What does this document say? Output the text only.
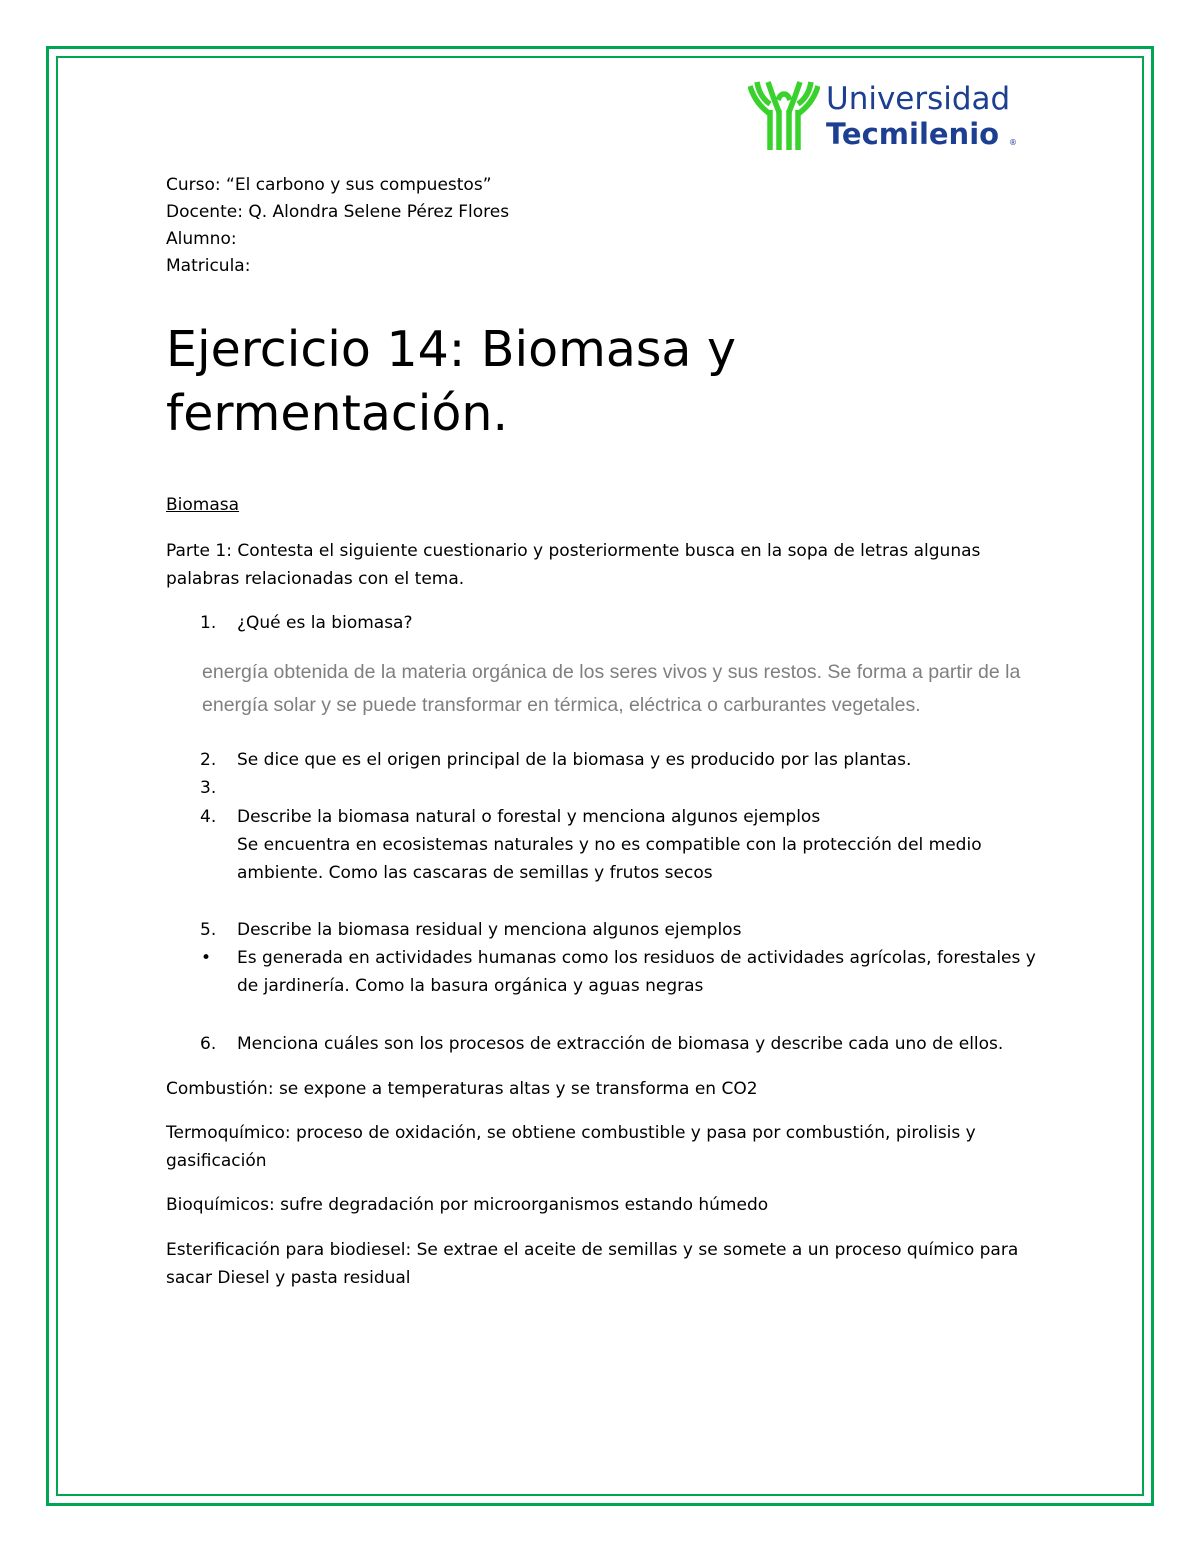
Universidad
Tecmilenio ®
Curso: “El carbono y sus compuestos”
Docente: Q. Alondra Selene Pérez Flores
Alumno:
Matricula:
Ejercicio 14: Biomasa y fermentación.
Biomasa
Parte 1: Contesta el siguiente cuestionario y posteriormente busca en la sopa de letras algunas palabras relacionadas con el tema.
1. ¿Qué es la biomasa?
energía obtenida de la materia orgánica de los seres vivos y sus restos. Se forma a partir de la energía solar y se puede transformar en térmica, eléctrica o carburantes vegetales.
2. Se dice que es el origen principal de la biomasa y es producido por las plantas.
3.
4. Describe la biomasa natural o forestal y menciona algunos ejemplos
Se encuentra en ecosistemas naturales y no es compatible con la protección del medio ambiente. Como las cascaras de semillas y frutos secos
5. Describe la biomasa residual y menciona algunos ejemplos
• Es generada en actividades humanas como los residuos de actividades agrícolas, forestales y de jardinería. Como la basura orgánica y aguas negras
6. Menciona cuáles son los procesos de extracción de biomasa y describe cada uno de ellos.
Combustión: se expone a temperaturas altas y se transforma en CO2
Termoquímico: proceso de oxidación, se obtiene combustible y pasa por combustión, pirolisis y gasificación
Bioquímicos: sufre degradación por microorganismos estando húmedo
Esterificación para biodiesel: Se extrae el aceite de semillas y se somete a un proceso químico para sacar Diesel y pasta residual
